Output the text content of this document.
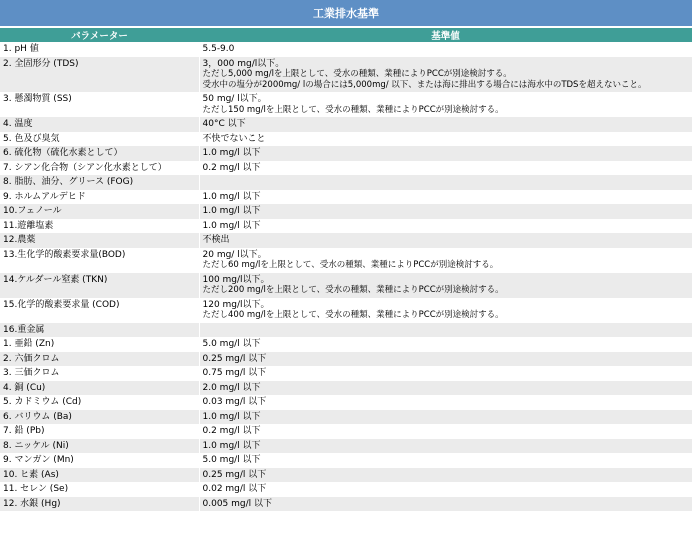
工業排水基準
パラメーター	基準値
1. pH 値	5.5-9.0

2. 全固形分 (TDS)	3，000 mg/l以下。
ただし5,000 mg/lを上限として、受水の種類、業種によりPCCが別途検討する。
受水中の塩分が2000mg/ lの場合には5,000mg/ 以下、または海に排出する場合には海水中のTDSを超えないこと。

3. 懸濁物質 (SS)	50 mg/ l以下。
ただし150 mg/lを上限として、受水の種類、業種によりPCCが別途検討する。

4. 温度	40°C 以下

5. 色及び臭気	不快でないこと

6. 硫化物（硫化水素として）	1.0 mg/l 以下

7. シアン化合物（シアン化水素として）	0.2 mg/l 以下

8. 脂肪、油分、グリース (FOG)	

9. ホルムアルデヒド	1.0 mg/l 以下

10.フェノール	1.0 mg/l 以下

11.遊離塩素	1.0 mg/l 以下

12.農薬	不検出

13.生化学的酸素要求量(BOD)	20 mg/ l以下。
ただし60 mg/lを上限として、受水の種類、業種によりPCCが別途検討する。

14.ケルダール窒素 (TKN)	100 mg/l以下。
ただし200 mg/lを上限として、受水の種類、業種によりPCCが別途検討する。

15.化学的酸素要求量 (COD)	120 mg/l以下。
ただし400 mg/lを上限として、受水の種類、業種によりPCCが別途検討する。

16.重金属	

1. 亜鉛 (Zn)	5.0 mg/l 以下

2. 六価クロム	0.25 mg/l 以下

3. 三価クロム	0.75 mg/l 以下

4. 銅 (Cu)	2.0 mg/l 以下

5. カドミウム (Cd)	0.03 mg/l 以下

6. バリウム (Ba)	1.0 mg/l 以下

7. 鉛 (Pb)	0.2 mg/l 以下

8. ニッケル (Ni)	1.0 mg/l 以下

9. マンガン (Mn)	5.0 mg/l 以下

10. ヒ素 (As)	0.25 mg/l 以下

11. セレン (Se)	0.02 mg/l 以下

12. 水銀 (Hg)	0.005 mg/l 以下
